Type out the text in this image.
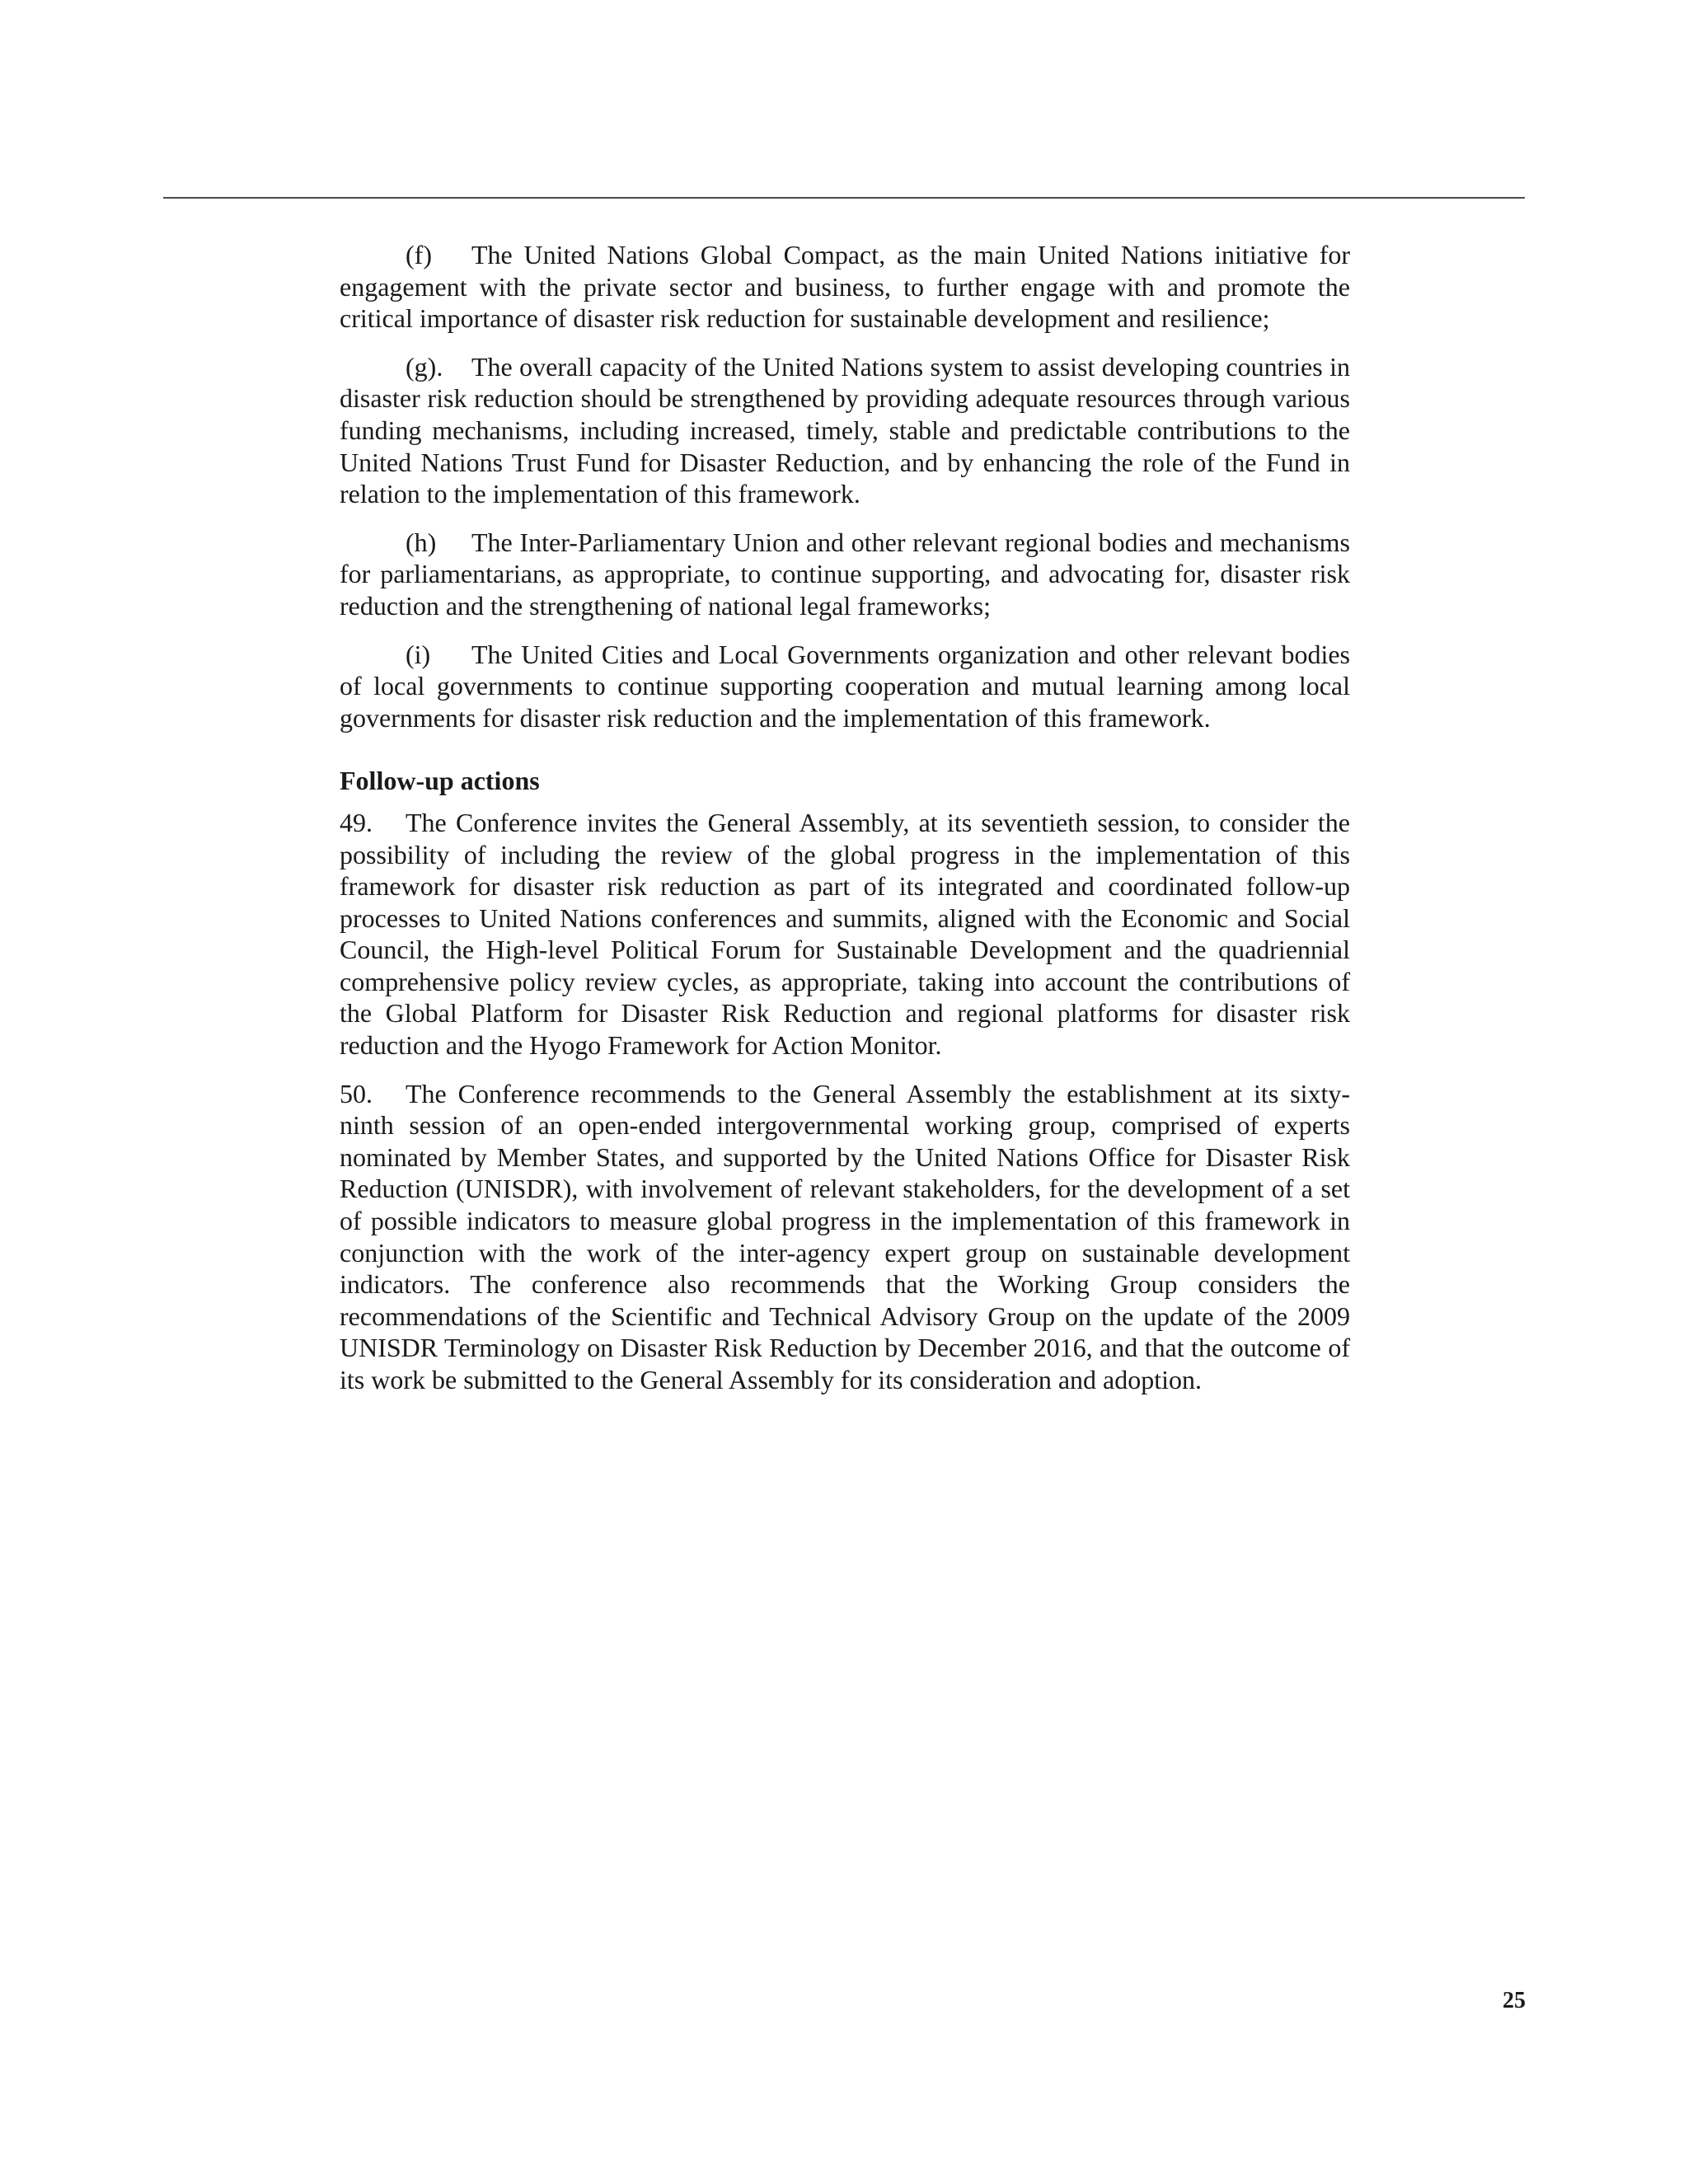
(f) The United Nations Global Compact, as the main United Nations initiative for engagement with the private sector and business, to further engage with and promote the critical importance of disaster risk reduction for sustainable development and resilience;

(g). The overall capacity of the United Nations system to assist developing countries in disaster risk reduction should be strengthened by providing adequate resources through various funding mechanisms, including increased, timely, stable and predictable contributions to the United Nations Trust Fund for Disaster Reduction, and by enhancing the role of the Fund in relation to the implementation of this framework.

(h) The Inter-Parliamentary Union and other relevant regional bodies and mechanisms for parliamentarians, as appropriate, to continue supporting, and advocating for, disaster risk reduction and the strengthening of national legal frameworks;

(i) The United Cities and Local Governments organization and other relevant bodies of local governments to continue supporting cooperation and mutual learning among local governments for disaster risk reduction and the implementation of this framework.

Follow-up actions

49. The Conference invites the General Assembly, at its seventieth session, to consider the possibility of including the review of the global progress in the implementation of this framework for disaster risk reduction as part of its integrated and coordinated follow-up processes to United Nations conferences and summits, aligned with the Economic and Social Council, the High-level Political Forum for Sustainable Development and the quadriennial comprehensive policy review cycles, as appropriate, taking into account the contributions of the Global Platform for Disaster Risk Reduction and regional platforms for disaster risk reduction and the Hyogo Framework for Action Monitor.

50. The Conference recommends to the General Assembly the establishment at its sixty-ninth session of an open-ended intergovernmental working group, comprised of experts nominated by Member States, and supported by the United Nations Office for Disaster Risk Reduction (UNISDR), with involvement of relevant stakeholders, for the development of a set of possible indicators to measure global progress in the implementation of this framework in conjunction with the work of the inter-agency expert group on sustainable development indicators. The conference also recommends that the Working Group considers the recommendations of the Scientific and Technical Advisory Group on the update of the 2009 UNISDR Terminology on Disaster Risk Reduction by December 2016, and that the outcome of its work be submitted to the General Assembly for its consideration and adoption.

25
